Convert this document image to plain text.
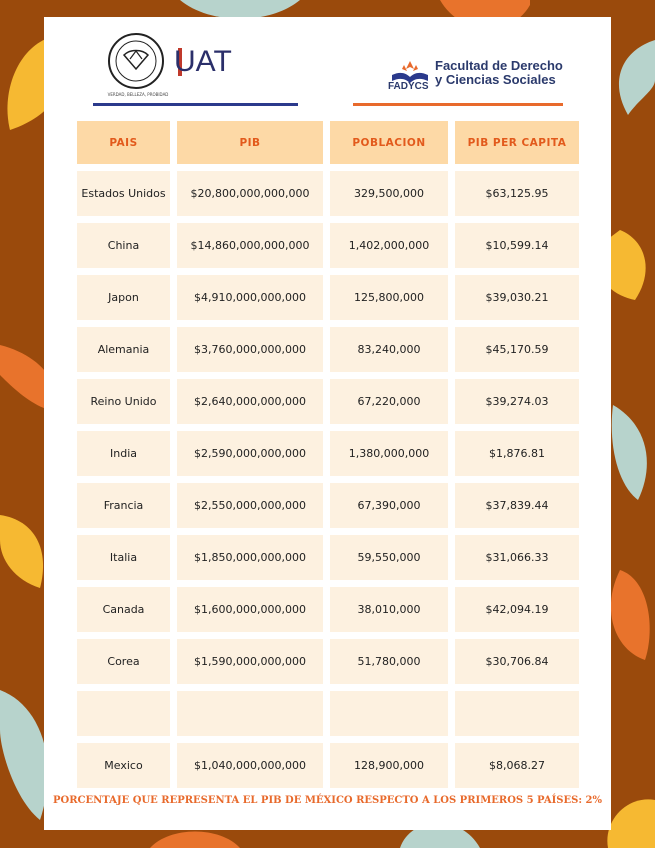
VERDAD, BELLEZA, PROBIDAD
UAT
FADYCS
Facultad de Derecho
y Ciencias Sociales
PAIS	PIB	POBLACION	PIB PER CAPITA
Estados Unidos	$20,800,000,000,000	329,500,000	$63,125.95
China	$14,860,000,000,000	1,402,000,000	$10,599.14
Japon	$4,910,000,000,000	125,800,000	$39,030.21
Alemania	$3,760,000,000,000	83,240,000	$45,170.59
Reino Unido	$2,640,000,000,000	67,220,000	$39,274.03
India	$2,590,000,000,000	1,380,000,000	$1,876.81
Francia	$2,550,000,000,000	67,390,000	$37,839.44
Italia	$1,850,000,000,000	59,550,000	$31,066.33
Canada	$1,600,000,000,000	38,010,000	$42,094.19
Corea	$1,590,000,000,000	51,780,000	$30,706.84

Mexico	$1,040,000,000,000	128,900,000	$8,068.27
PORCENTAJE QUE REPRESENTA EL PIB DE MÉXICO RESPECTO A LOS PRIMEROS 5 PAÍSES: 2%
